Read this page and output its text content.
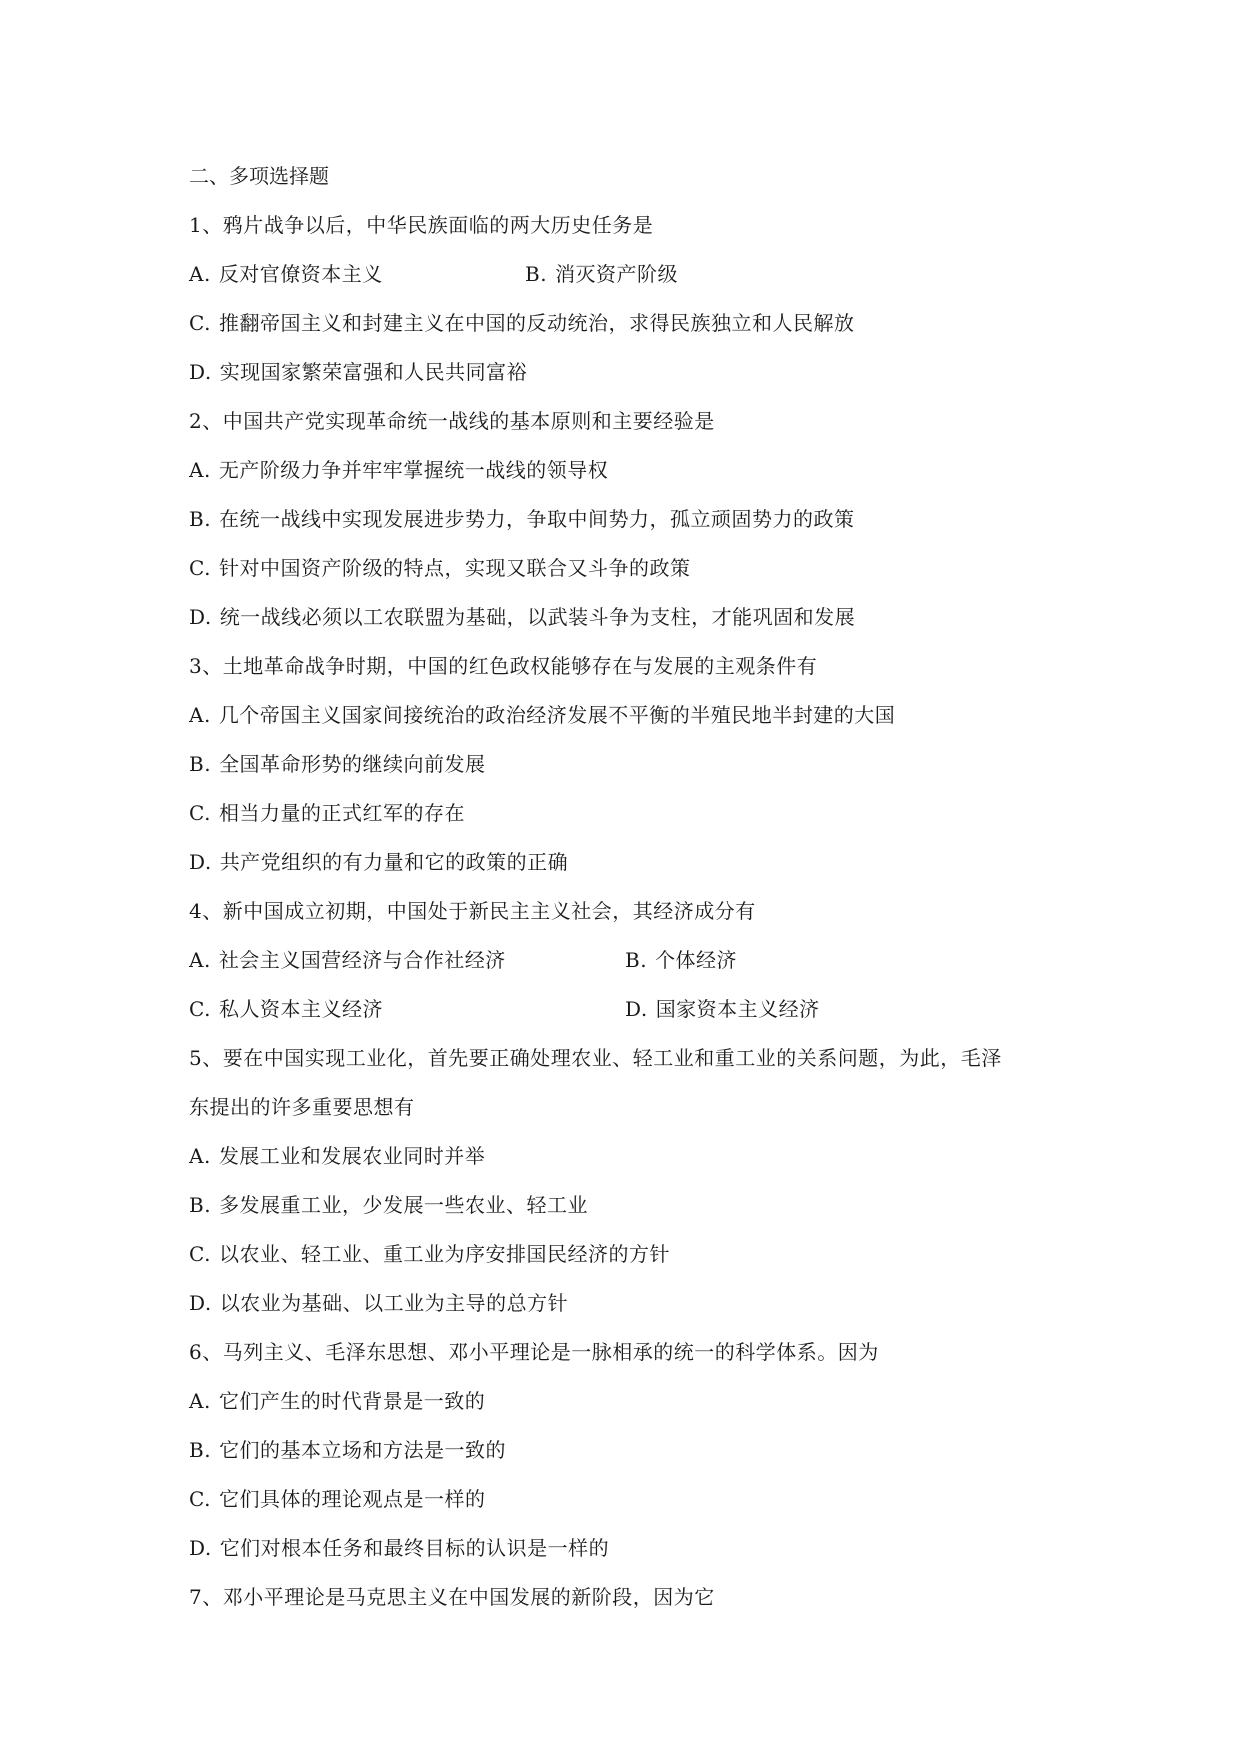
二、多项选择题
1、鸦片战争以后，中华民族面临的两大历史任务是
A. 反对官僚资本主义	B. 消灭资产阶级
C. 推翻帝国主义和封建主义在中国的反动统治，求得民族独立和人民解放
D. 实现国家繁荣富强和人民共同富裕
2、中国共产党实现革命统一战线的基本原则和主要经验是
A. 无产阶级力争并牢牢掌握统一战线的领导权
B. 在统一战线中实现发展进步势力，争取中间势力，孤立顽固势力的政策
C. 针对中国资产阶级的特点，实现又联合又斗争的政策
D. 统一战线必须以工农联盟为基础，以武装斗争为支柱，才能巩固和发展
3、土地革命战争时期，中国的红色政权能够存在与发展的主观条件有
A. 几个帝国主义国家间接统治的政治经济发展不平衡的半殖民地半封建的大国
B. 全国革命形势的继续向前发展
C. 相当力量的正式红军的存在
D. 共产党组织的有力量和它的政策的正确
4、新中国成立初期，中国处于新民主主义社会，其经济成分有
A. 社会主义国营经济与合作社经济	B. 个体经济
C. 私人资本主义经济	D. 国家资本主义经济
5、要在中国实现工业化，首先要正确处理农业、轻工业和重工业的关系问题，为此，毛泽
东提出的许多重要思想有
A. 发展工业和发展农业同时并举
B. 多发展重工业，少发展一些农业、轻工业
C. 以农业、轻工业、重工业为序安排国民经济的方针
D. 以农业为基础、以工业为主导的总方针
6、马列主义、毛泽东思想、邓小平理论是一脉相承的统一的科学体系。因为
A. 它们产生的时代背景是一致的
B. 它们的基本立场和方法是一致的
C. 它们具体的理论观点是一样的
D. 它们对根本任务和最终目标的认识是一样的
7、邓小平理论是马克思主义在中国发展的新阶段，因为它
